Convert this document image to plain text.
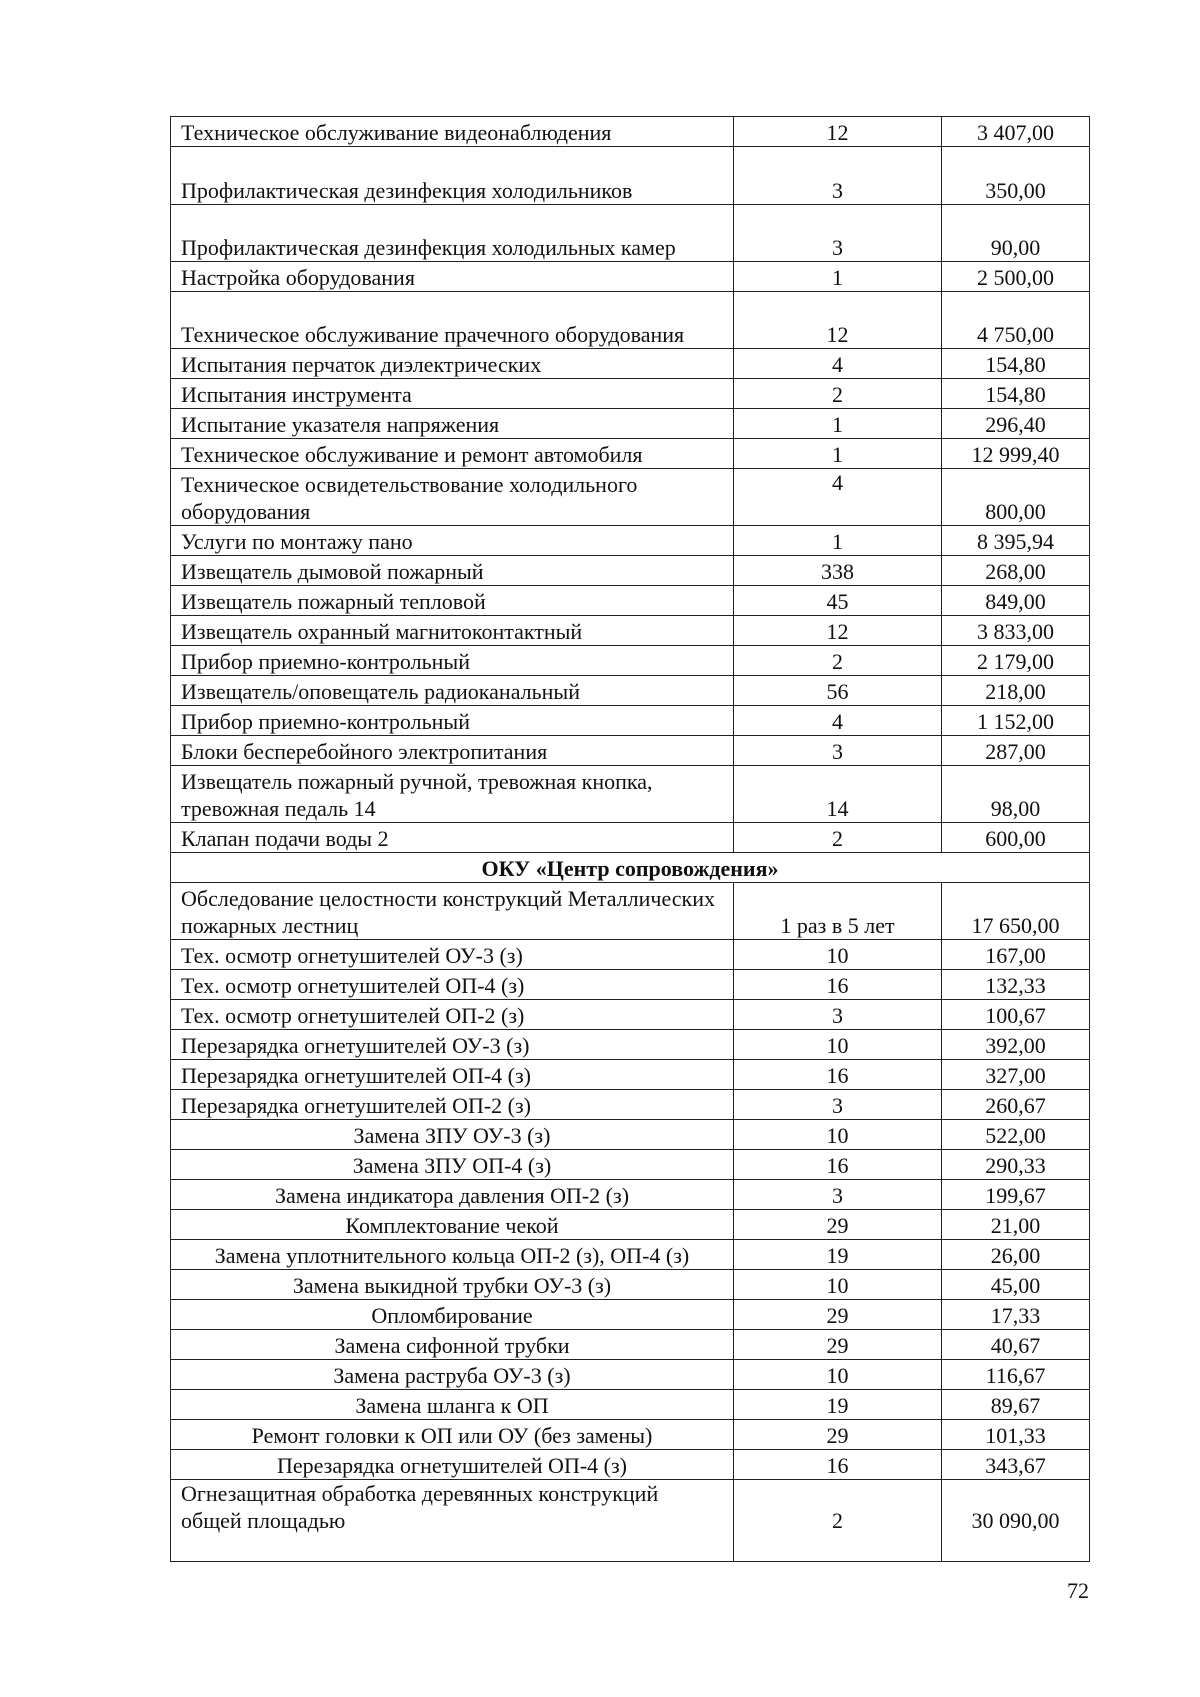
Техническое обслуживание видеонаблюдения	12	3 407,00

Профилактическая дезинфекция холодильников	3	350,00
Профилактическая дезинфекция холодильных камер	3	90,00
Настройка оборудования	1	2 500,00
Техническое обслуживание прачечного оборудования	12	4 750,00
Испытания перчаток диэлектрических	4	154,80
Испытания инструмента	2	154,80
Испытание указателя напряжения	1	296,40
Техническое обслуживание и ремонт автомобиля	1	12 999,40
Техническое освидетельствование холодильного оборудования	4	800,00
Услуги по монтажу пано	1	8 395,94
Извещатель дымовой пожарный	338	268,00
Извещатель пожарный тепловой	45	849,00
Извещатель охранный магнитоконтактный	12	3 833,00
Прибор приемно-контрольный	2	2 179,00
Извещатель/оповещатель радиоканальный	56	218,00
Прибор приемно-контрольный	4	1 152,00
Блоки бесперебойного электропитания	3	287,00
Извещатель пожарный ручной, тревожная кнопка, тревожная педаль 14	14	98,00
Клапан подачи воды 2	2	600,00
ОКУ «Центр сопровождения»		
Обследование целостности конструкций Металлических пожарных лестниц	1 раз в 5 лет	17 650,00
Тех. осмотр огнетушителей ОУ-3 (з)	10	167,00
Тех. осмотр огнетушителей ОП-4 (з)	16	132,33
Тех. осмотр огнетушителей ОП-2 (з)	3	100,67
Перезарядка огнетушителей ОУ-3 (з)	10	392,00
Перезарядка огнетушителей ОП-4 (з)	16	327,00
Перезарядка огнетушителей ОП-2 (з)	3	260,67
Замена ЗПУ ОУ-3 (з)	10	522,00
Замена ЗПУ ОП-4 (з)	16	290,33
Замена индикатора давления ОП-2 (з)	3	199,67
Комплектование чекой	29	21,00
Замена уплотнительного кольца ОП-2 (з), ОП-4 (з)	19	26,00
Замена выкидной трубки ОУ-3 (з)	10	45,00
Опломбирование	29	17,33
Замена сифонной трубки	29	40,67
Замена раструба ОУ-3 (з)	10	116,67
Замена шланга к ОП	19	89,67
Ремонт головки к ОП или ОУ (без замены)	29	101,33
Перезарядка огнетушителей ОП-4 (з)	16	343,67
Огнезащитная обработка деревянных конструкций общей площадью	2	30 090,00
72
